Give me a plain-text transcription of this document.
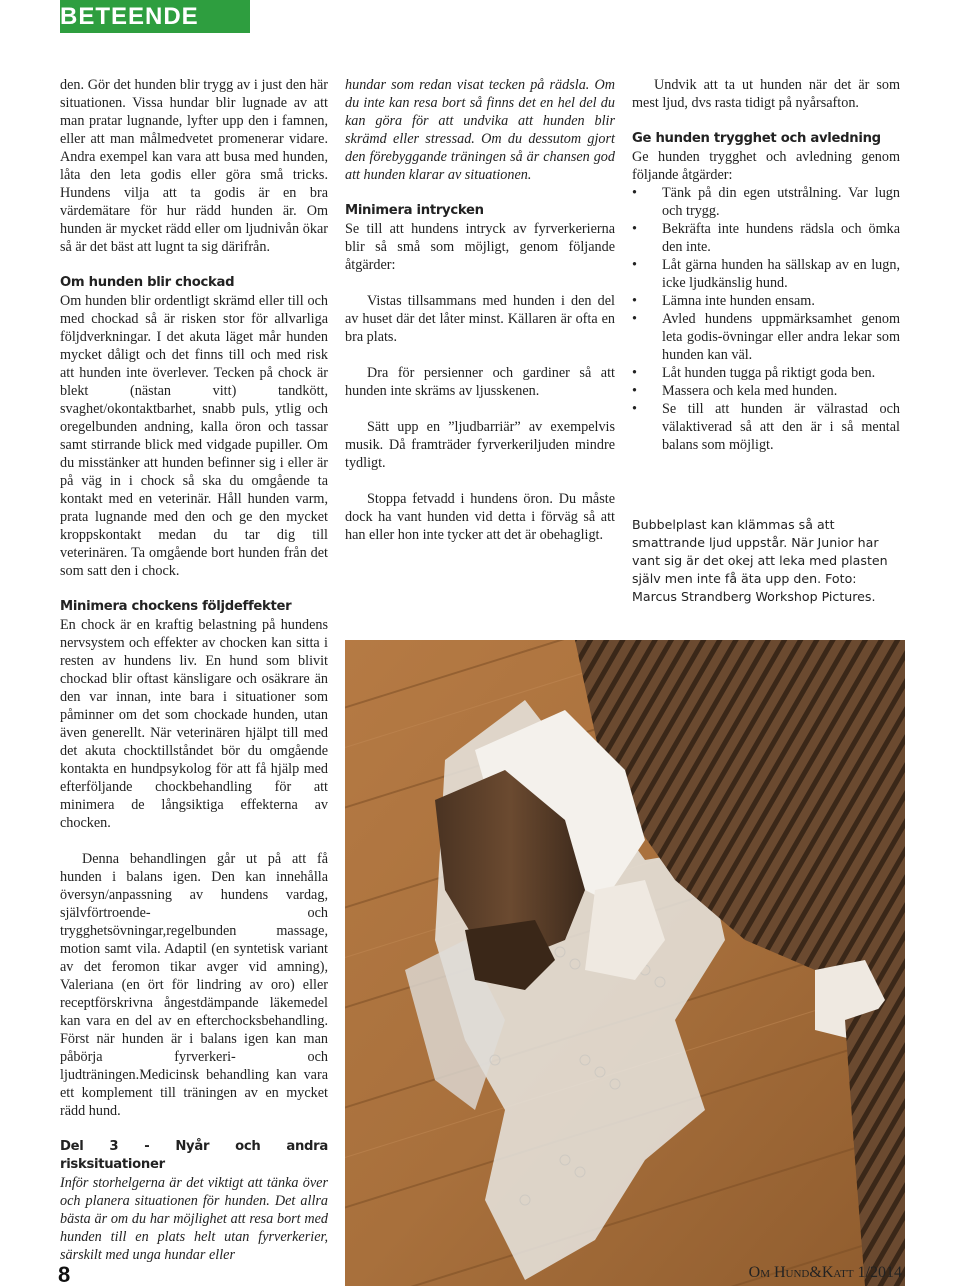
BETEENDE

den. Gör det hunden blir trygg av i just den här situationen. Vissa hundar blir lugnade av att man pratar lugnande, lyfter upp den i famnen, eller att man målmedvetet promenerar vidare. Andra exempel kan vara att busa med hunden, låta den leta godis eller göra små tricks. Hundens vilja att ta godis är en bra värdemätare för hur rädd hunden är. Om hunden är mycket rädd eller om ljudnivån ökar så är det bäst att lugnt ta sig därifrån.

Om hunden blir chockad

Om hunden blir ordentligt skrämd eller till och med chockad så är risken stor för allvarliga följdverkningar. I det akuta läget mår hunden mycket dåligt och det finns till och med risk att hunden inte överlever. Tecken på chock är blekt (nästan vitt) tandkött, svaghet/okontaktbarhet, snabb puls, ytlig och oregelbunden andning, kalla öron och tassar samt stirrande blick med vidgade pupiller. Om du misstänker att hunden befinner sig i eller är på väg in i chock så ska du omgående ta kontakt med en veterinär. Håll hunden varm, prata lugnande med den och ge den mycket kroppskontakt medan du tar dig till veterinären. Ta omgående bort hunden från det som satt den i chock.

Minimera chockens följdeffekter

En chock är en kraftig belastning på hundens nervsystem och effekter av chocken kan sitta i resten av hundens liv. En hund som blivit chockad blir oftast känsligare och osäkrare än den var innan, inte bara i situationer som påminner om det som chockade hunden, utan även generellt. När veterinären hjälpt till med det akuta chocktillståndet bör du omgående kontakta en hundpsykolog för att få hjälp med efterföljande chockbehandling för att minimera de långsiktiga effekterna av chocken.

Denna behandlingen går ut på att få hunden i balans igen. Den kan innehålla översyn/anpassning av hundens vardag, självförtroende- och trygghetsövningar,regelbunden massage, motion samt vila. Adaptil (en syntetisk variant av det feromon tikar avger vid amning), Valeriana (en ört för lindring av oro) eller receptförskrivna ångestdämpande läkemedel kan vara en del av en efterchocksbehandling. Först när hunden är i balans igen kan man påbörja fyrverkeri- och ljudträningen.Medicinsk behandling kan vara ett komplement till träningen av en mycket rädd hund.

Del 3 - Nyår och andra risksituationer

Inför storhelgerna är det viktigt att tänka över och planera situationen för hunden. Det allra bästa är om du har möjlighet att resa bort med hunden till en plats helt utan fyrverkerier, särskilt med unga hundar eller

hundar som redan visat tecken på rädsla. Om du inte kan resa bort så finns det en hel del du kan göra för att undvika att hunden blir skrämd eller stressad. Om du dessutom gjort den förebyggande träningen så är chansen god att hunden klarar av situationen.

Minimera intrycken

Se till att hundens intryck av fyrverkerierna blir så små som möjligt, genom följande åtgärder:

Vistas tillsammans med hunden i den del av huset där det låter minst. Källaren är ofta en bra plats.

Dra för persienner och gardiner så att hunden inte skräms av ljusskenen.

Sätt upp en ”ljudbarriär” av exempelvis musik. Då framträder fyrverkeriljuden mindre tydligt.

Stoppa fetvadd i hundens öron. Du måste dock ha vant hunden vid detta i förväg så att han eller hon inte tycker att det är obehagligt.

Undvik att ta ut hunden när det är som mest ljud, dvs rasta tidigt på nyårsafton.

Ge hunden trygghet och avledning

Ge hunden trygghet och avledning genom följande åtgärder:

• Tänk på din egen utstrålning. Var lugn och trygg.
• Bekräfta inte hundens rädsla och ömka den inte.
• Låt gärna hunden ha sällskap av en lugn, icke ljudkänslig hund.
• Lämna inte hunden ensam.
• Avled hundens uppmärksamhet genom leta godis-övningar eller andra lekar som hunden kan väl.
• Låt hunden tugga på riktigt goda ben.
• Massera och kela med hunden.
• Se till att hunden är välrastad och välaktiverad så att den är i så mental balans som möjligt.
Bubbelplast kan klämmas så att smattrande ljud uppstår. När Junior har vant sig är det okej att leka med plasten själv men inte få äta upp den. Foto: Marcus Strandberg Workshop Pictures.
8	Om Hund&Katt 1/2014
